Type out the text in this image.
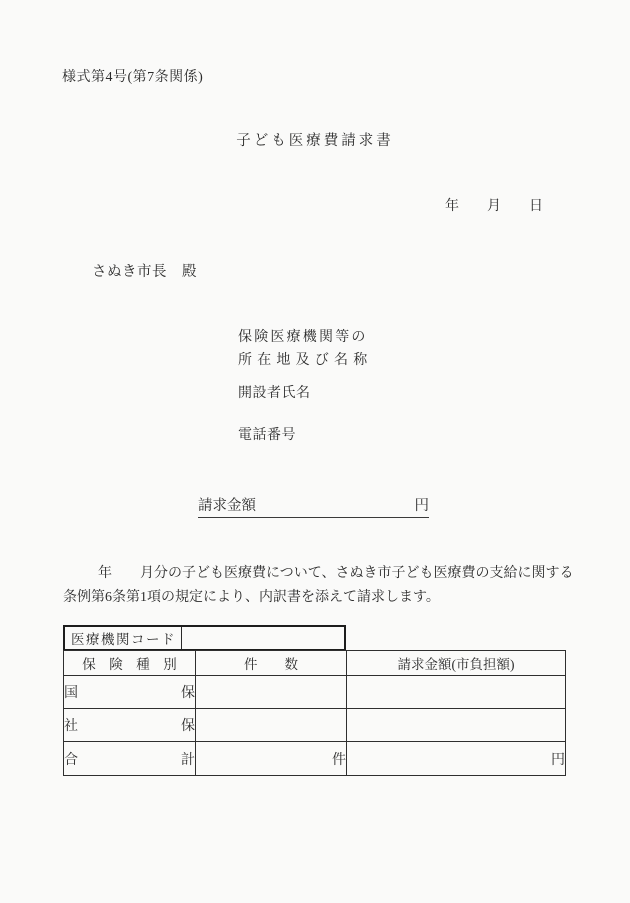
様式第4号(第7条関係)
子ども医療費請求書
年　　月　　日
さぬき市長　殿
保険医療機関等の
所在地及び名称
開設者氏名
電話番号
請求金額	円
年　　月分の子ども医療費について、さぬき市子ども医療費の支給に関する
条例第6条第1項の規定により、内訳書を添えて請求します。
医療機関コード
保　険　種　別	件　　数	請求金額(市負担額)

国 保		

社 保		

合 計	件	円
